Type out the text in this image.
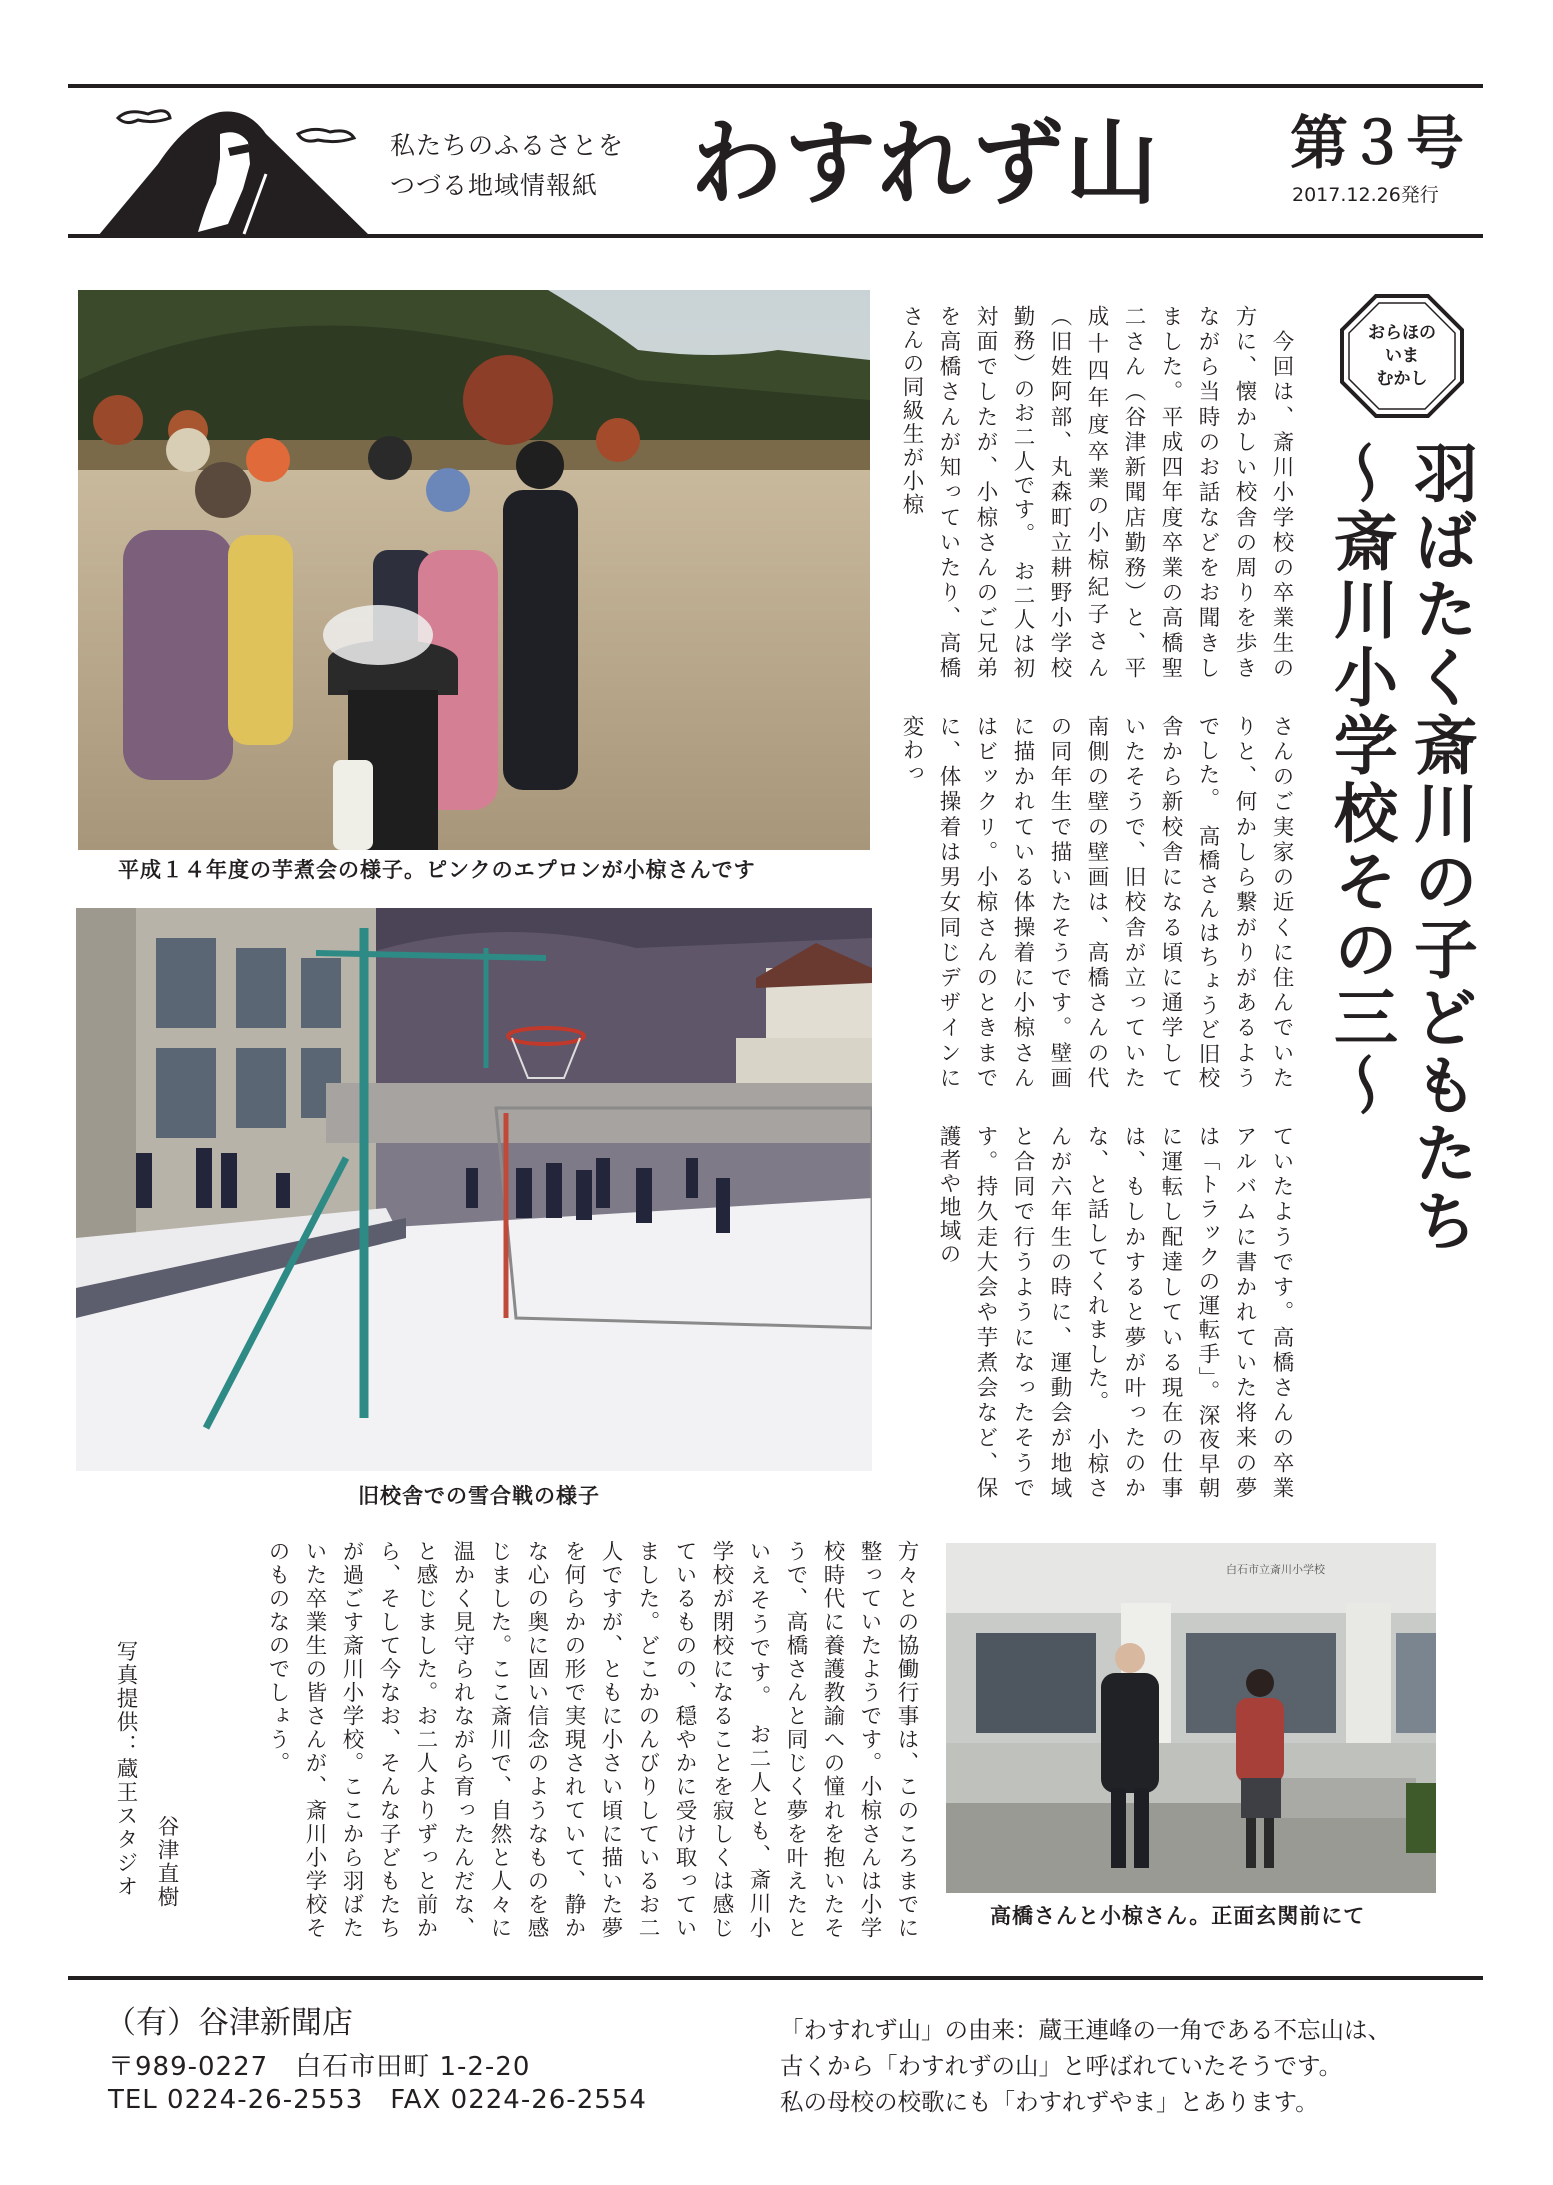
私たちのふるさとを
つづる地域情報紙 わすれず山 第３号
2017.12.26発行
平成１４年度の芋煮会の様子。ピンクのエプロンが小椋さんです
旧校舎での雪合戦の様子
白石市立斎川小学校
高橋さんと小椋さん。正面玄関前にて
おらほの
いま
むかし
羽ばたく斎川の子どもたち
～斎川小学校その三～
　今回は、斎川小学校の卒業生の方に、懐かしい校舎の周りを歩きながら当時のお話などをお聞きしました。平成四年度卒業の高橋聖二さん（谷津新聞店勤務）と、平成十四年度卒業の小椋紀子さん（旧姓阿部、丸森町立耕野小学校勤務）のお二人です。　お二人は初対面でしたが、小椋さんのご兄弟を高橋さんが知っていたり、高橋さんの同級生が小椋
さんのご実家の近くに住んでいたりと、何かしら繋がりがあるようでした。　高橋さんはちょうど旧校舎から新校舎になる頃に通学していたそうで、旧校舎が立っていた南側の壁の壁画は、高橋さんの代の同年生で描いたそうです。壁画に描かれている体操着に小椋さんはビックリ。小椋さんのときまでに、体操着は男女同じデザインに変わっ
ていたようです。高橋さんの卒業アルバムに書かれていた将来の夢は「トラックの運転手」。深夜早朝に運転し配達している現在の仕事は、もしかすると夢が叶ったのかな、と話してくれました。　小椋さんが六年生の時に、運動会が地域と合同で行うようになったそうです。持久走大会や芋煮会など、保護者や地域の
方々との協働行事は、このころまでに整っていたようです。小椋さんは小学校時代に養護教諭への憧れを抱いたそうで、高橋さんと同じく夢を叶えたといえそうです。　お二人とも、斎川小学校が閉校になることを寂しくは感じているものの、穏やかに受け取っていました。どこかのんびりしているお二人ですが、ともに小さい頃に描いた夢を何らかの形で実現されていて、静かな心の奥に固い信念のようなものを感じました。ここ斎川で、自然と人々に温かく見守られながら育ったんだな、と感じました。お二人よりずっと前から、そして今なお、そんな子どもたちが過ごす斎川小学校。ここから羽ばたいた卒業生の皆さんが、斎川小学校そのものなのでしょう。
谷津直樹
写真提供：蔵王スタジオ
（有）谷津新聞店
〒989-0227　白石市田町 1-2-20
TEL 0224-26-2553　FAX 0224-26-2554
「わすれず山」の由来：蔵王連峰の一角である不忘山は、
古くから「わすれずの山」と呼ばれていたそうです。
私の母校の校歌にも「わすれずやま」とあります。
